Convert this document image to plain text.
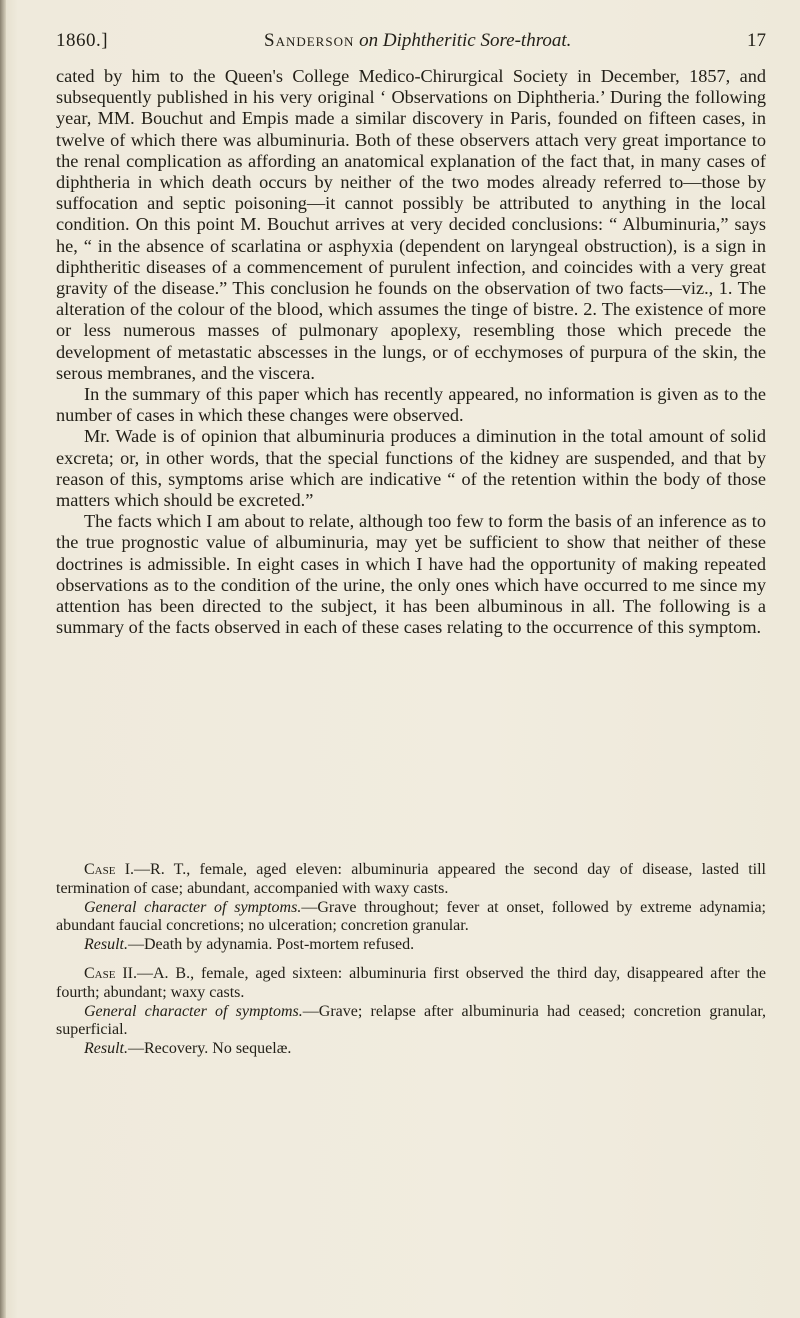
1860.]	Sanderson on Diphtheritic Sore-throat.	17

cated by him to the Queen's College Medico-Chirurgical Society in December, 1857, and subsequently published in his very original ‘ Observations on Diphtheria.’ During the following year, MM. Bouchut and Empis made a similar discovery in Paris, founded on fifteen cases, in twelve of which there was albuminuria. Both of these observers attach very great importance to the renal complication as affording an anatomical explanation of the fact that, in many cases of diphtheria in which death occurs by neither of the two modes already referred to—those by suffocation and septic poisoning—it cannot possibly be attributed to anything in the local condition. On this point M. Bouchut arrives at very decided conclusions: “ Albuminuria,” says he, “ in the absence of scarlatina or asphyxia (dependent on laryngeal obstruction), is a sign in diphtheritic diseases of a commencement of purulent infection, and coincides with a very great gravity of the disease.” This conclusion he founds on the observation of two facts—viz., 1. The alteration of the colour of the blood, which assumes the tinge of bistre. 2. The existence of more or less numerous masses of pulmonary apoplexy, resembling those which precede the development of metastatic abscesses in the lungs, or of ecchymoses of purpura of the skin, the serous membranes, and the viscera.

In the summary of this paper which has recently appeared, no information is given as to the number of cases in which these changes were observed.

Mr. Wade is of opinion that albuminuria produces a diminution in the total amount of solid excreta; or, in other words, that the special functions of the kidney are suspended, and that by reason of this, symptoms arise which are indicative “ of the retention within the body of those matters which should be excreted.”

The facts which I am about to relate, although too few to form the basis of an inference as to the true prognostic value of albuminuria, may yet be sufficient to show that neither of these doctrines is admissible. In eight cases in which I have had the opportunity of making repeated observations as to the condition of the urine, the only ones which have occurred to me since my attention has been directed to the subject, it has been albuminous in all. The following is a summary of the facts observed in each of these cases relating to the occurrence of this symptom.

Case I.—R. T., female, aged eleven: albuminuria appeared the second day of disease, lasted till termination of case; abundant, accompanied with waxy casts.

General character of symptoms.—Grave throughout; fever at onset, followed by extreme adynamia; abundant faucial concretions; no ulceration; concretion granular.

Result.—Death by adynamia. Post-mortem refused.

Case II.—A. B., female, aged sixteen: albuminuria first observed the third day, disappeared after the fourth; abundant; waxy casts.

General character of symptoms.—Grave; relapse after albuminuria had ceased; concretion granular, superficial.

Result.—Recovery. No sequelæ.
